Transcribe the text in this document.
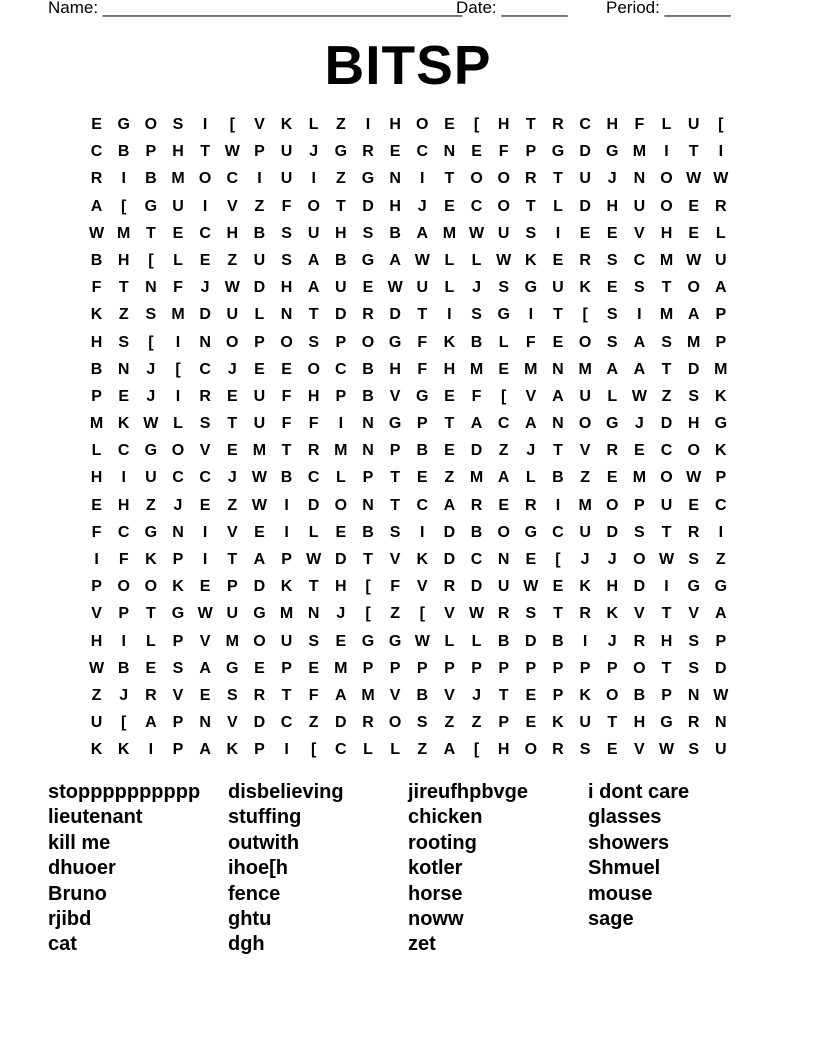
Name: ______________________________________
Date: _______ Period: _______
BITSP
E G O S	I	[	V	K	L	Z	I	H O E	[	H	T	R C H	F	L	U	[
C B	P	H	T W P	U	J	G R	E	C N	E	F	P G D G M	I	T	I
R	I	B M O C	I	U	I	Z	G N	I	T	O O R	T	U	J	N O W W
A	[	G U	I	V	Z	F	O	T	D H	J	E	C O	T	L	D H U O E	R
W M T	E	C H B	S	U H	S	B A M W U	S	I	E	E	V	H	E	L
B H	[	L	E	Z	U	S	A B G A W L	L W K	E	R	S	C M W U
F	T	N	F	J W D H A U	E W U	L	J	S G U K	E	S	T	O A
K	Z	S M D U	L	N	T	D R D	T	I	S G	I	T	[	S	I	M A	P
H	S	[	I	N O P O S	P O G	F	K B	L	F	E O S	A	S M P
B N	J	[	C	J	E	E O C B H	F	H M E M N M A A	T	D M
P	E	J	I	R	E	U	F	H	P	B	V G E	F	[	V	A U	L W Z	S	K
M K W L	S	T	U	F	F	I	N G P	T	A C A N O G	J	D H G
L	C G O V	E M T	R M N	P	B	E	D	Z	J	T	V	R	E	C O K
H	I	U C C	J W B C	L	P	T	E	Z M A	L	B	Z	E M O W P
E	H	Z	J	E	Z W	I	D O N	T	C A R	E	R	I	M O P	U	E	C
F	C G N	I	V	E	I	L	E	B	S	I	D B O G C U D	S	T	R	I
I	F	K	P	I	T	A	P W D	T	V	K D C N	E	[	J	J	O W S	Z
P O O K	E	P	D K	T	H	[	F	V	R D U W E	K H D	I	G G
V	P	T	G W U G M N	J	[	Z	[	V W R	S	T	R K	V	T	V	A
H	I	L	P	V M O U	S	E G G W L	L	B D B	I	J	R H	S	P
W B	E	S	A G E	P	E M P	P	P	P	P	P	P	P	P	P O	T	S	D
Z	J	R	V	E	S	R	T	F	A M V	B	V	J	T	E	P	K O B	P	N W
U	[	A	P	N	V	D C	Z	D R O S	Z	Z	P	E	K U	T	H G R N
K K	I	P	A K	P	I	[	C	L	L	Z	A	[	H O R	S	E	V W S	U
stopppppppppp
lieutenant
kill me
dhuoer
Bruno
rjibd
cat
disbelieving
stuffing
outwith
ihoe[h
fence
ghtu
dgh
jireufhpbvge
chicken
rooting
kotler
horse
noww
zet
i dont care
glasses
showers
Shmuel
mouse
sage
